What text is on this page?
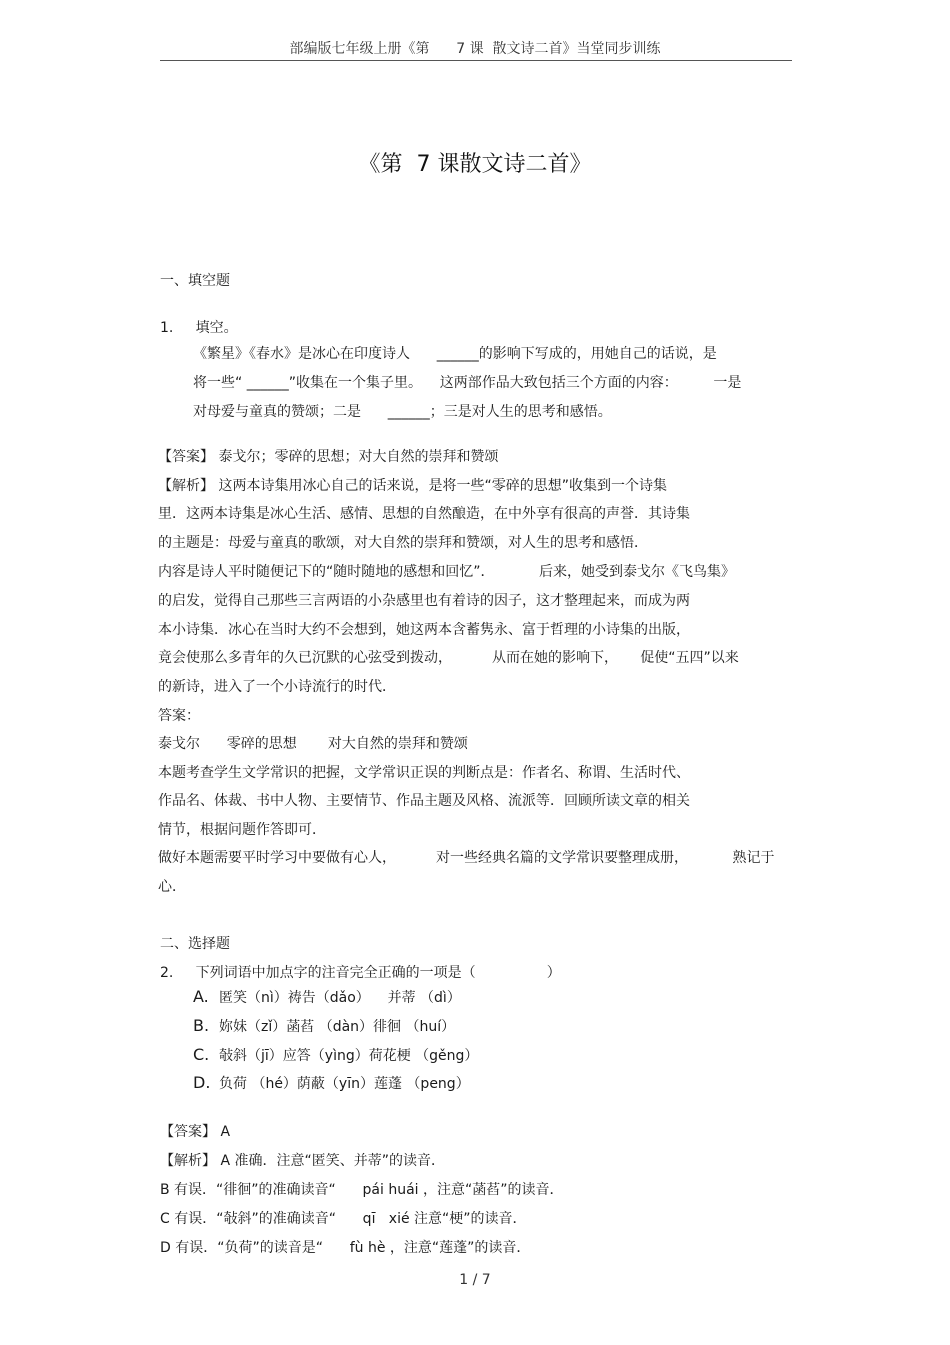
部编版七年级上册《第      7 课  散文诗二首》当堂同步训练
《第  7 课散文诗二首》
一、填空题
1.     填空。
《繁星》《春水》是冰心在印度诗人      ______的影响下写成的，用她自己的话说，是
将一些“ ______”收集在一个集子里。    这两部作品大致包括三个方面的内容：        一是
对母爱与童真的赞颂；二是      ______；三是对人生的思考和感悟。
【答案】 泰戈尔；零碎的思想；对大自然的崇拜和赞颂
【解析】 这两本诗集用冰心自己的话来说，是将一些“零碎的思想”收集到一个诗集
里．这两本诗集是冰心生活、感情、思想的自然酿造，在中外享有很高的声誉．其诗集
的主题是：母爱与童真的歌颂，对大自然的崇拜和赞颂，对人生的思考和感悟．
内容是诗人平时随便记下的“随时随地的感想和回忆”．          后来，她受到泰戈尔《飞鸟集》
的启发，觉得自己那些三言两语的小杂感里也有着诗的因子，这才整理起来，而成为两
本小诗集．冰心在当时大约不会想到，她这两本含蓄隽永、富于哲理的小诗集的出版，
竟会使那么多青年的久已沉默的心弦受到拨动，         从而在她的影响下，     促使“五四”以来
的新诗，进入了一个小诗流行的时代．
答案：
泰戈尔      零碎的思想       对大自然的崇拜和赞颂
本题考查学生文学常识的把握，文学常识正误的判断点是：作者名、称谓、生活时代、
作品名、体裁、书中人物、主要情节、作品主题及风格、流派等．回顾所读文章的相关
情节，根据问题作答即可．
做好本题需要平时学习中要做有心人，         对一些经典名篇的文学常识要整理成册，          熟记于
心．
二、选择题
2.     下列词语中加点字的注音完全正确的一项是（                ）
A. 匿笑（nì）祷告（dǎo）    并蒂 （dì）
B. 妳妹（zǐ）菡萏 （dàn）徘徊 （huí）
C. 敧斜（jī）应答（yìng）荷花梗 （gěng）
D. 负荷 （hé）荫蔽（yīn）莲蓬 （peng）
【答案】 A
【解析】 A 准确．注意“匿笑、并蒂”的读音．
B 有误．“徘徊”的准确读音“      pái huái ，注意“菡萏”的读音．
C 有误．“敧斜”的准确读音“      qī   xié 注意“梗”的读音．
D 有误．“负荷”的读音是“      fù hè ，注意“莲蓬”的读音．
1 / 7
